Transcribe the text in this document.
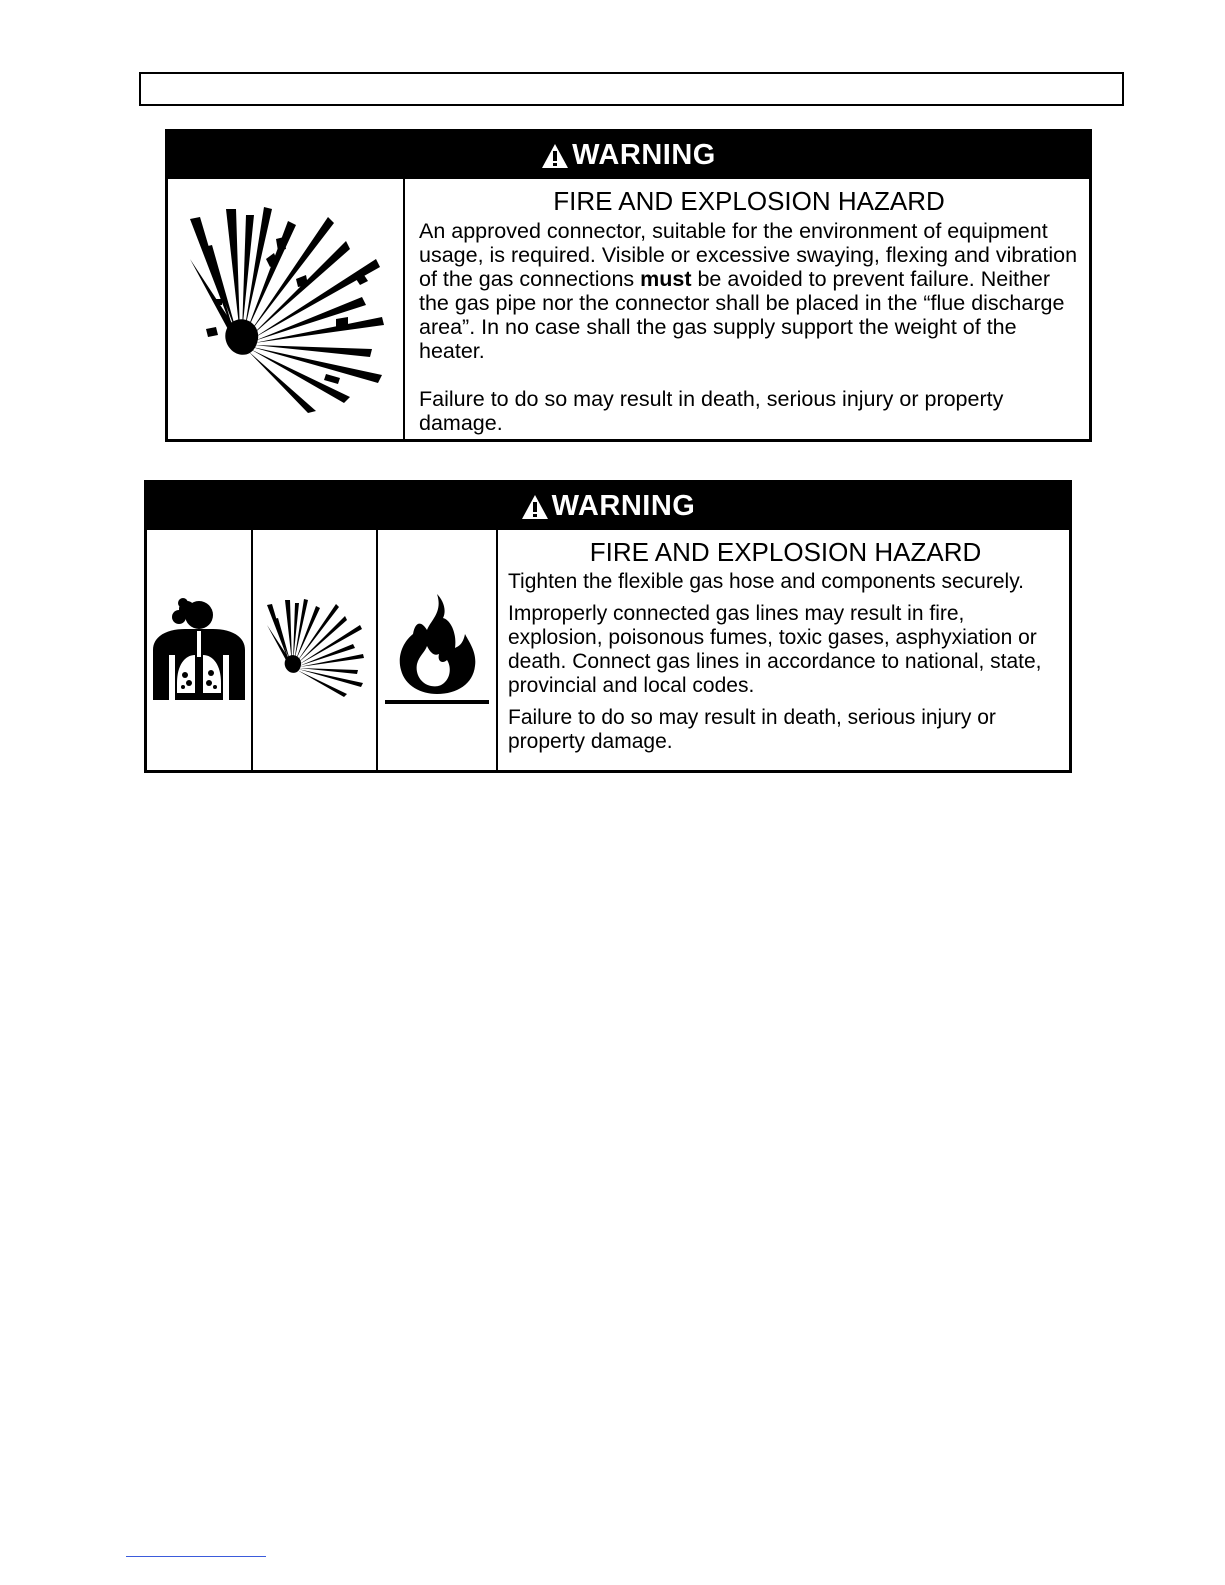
WARNING
FIRE AND EXPLOSION HAZARD

An approved connector, suitable for the environment of equipment usage, is required. Visible or excessive swaying, flexing and vibration of the gas connections must be avoided to prevent failure. Neither the gas pipe nor the connector shall be placed in the “flue discharge area”. In no case shall the gas supply support the weight of the heater.

Failure to do so may result in death, serious injury or property damage.

WARNING
FIRE AND EXPLOSION HAZARD

Tighten the flexible gas hose and components securely.

Improperly connected gas lines may result in fire, explosion, poisonous fumes, toxic gases, asphyxiation or death. Connect gas lines in accordance to national, state, provincial and local codes.

Failure to do so may result in death, serious injury or property damage.
